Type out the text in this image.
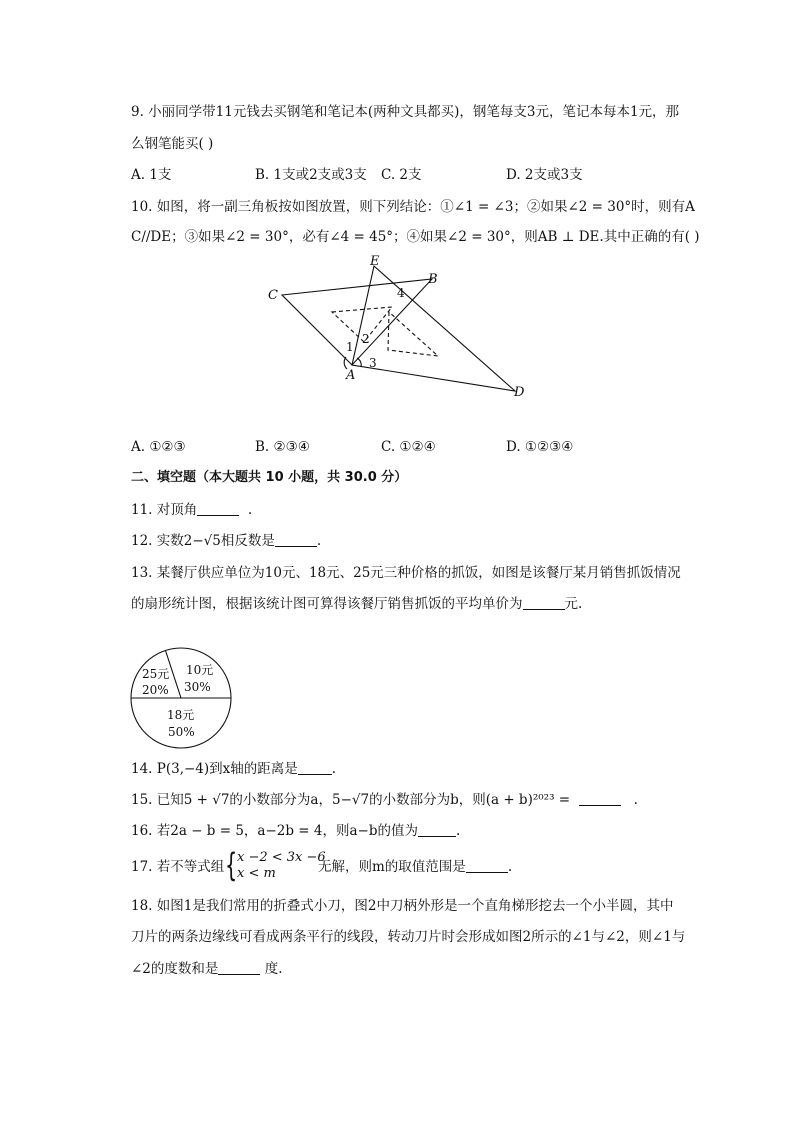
9. 小丽同学带11元钱去买钢笔和笔记本(两种文具都买)，钢笔每支3元，笔记本每本1元，那
么钢笔能买( )
A. 1支	B. 1支或2支或3支 C. 2支	D. 2支或3支
10. 如图，将一副三角板按如图放置，则下列结论：①∠1 = ∠3；②如果∠2 = 30°时，则有A
C//DE；③如果∠2 = 30°，必有∠4 = 45°；④如果∠2 = 30°，则AB ⊥ DE.其中正确的有( )
E
B
C
A
D
1
2
3
4
A. ①②③	B. ②③④	C. ①②④	D. ①②③④
二、填空题（本大题共 10 小题，共 30.0 分）
11. 对顶角	.
12. 实数2−√5相反数是	.
13. 某餐厅供应单位为10元、18元、25元三种价格的抓饭，如图是该餐厅某月销售抓饭情况
的扇形统计图，根据该统计图可算得该餐厅销售抓饭的平均单价为	元.
10元
30%
18元
50%
25元
20%
14. P(3,−4)到x轴的距离是	.
15. 已知5 + √7的小数部分为a，5−√7的小数部分为b，则(a + b)²⁰²³ =	.
16. 若2a − b = 5，a−2b = 4，则a−b的值为	.
17. 若不等式组 { x −2 < 3x −6
x < m	无解，则m的取值范围是	.
18. 如图1是我们常用的折叠式小刀，图2中刀柄外形是一个直角梯形挖去一个小半圆，其中
刀片的两条边缘线可看成两条平行的线段，转动刀片时会形成如图2所示的∠1与∠2，则∠1与
∠2的度数和是	度.
